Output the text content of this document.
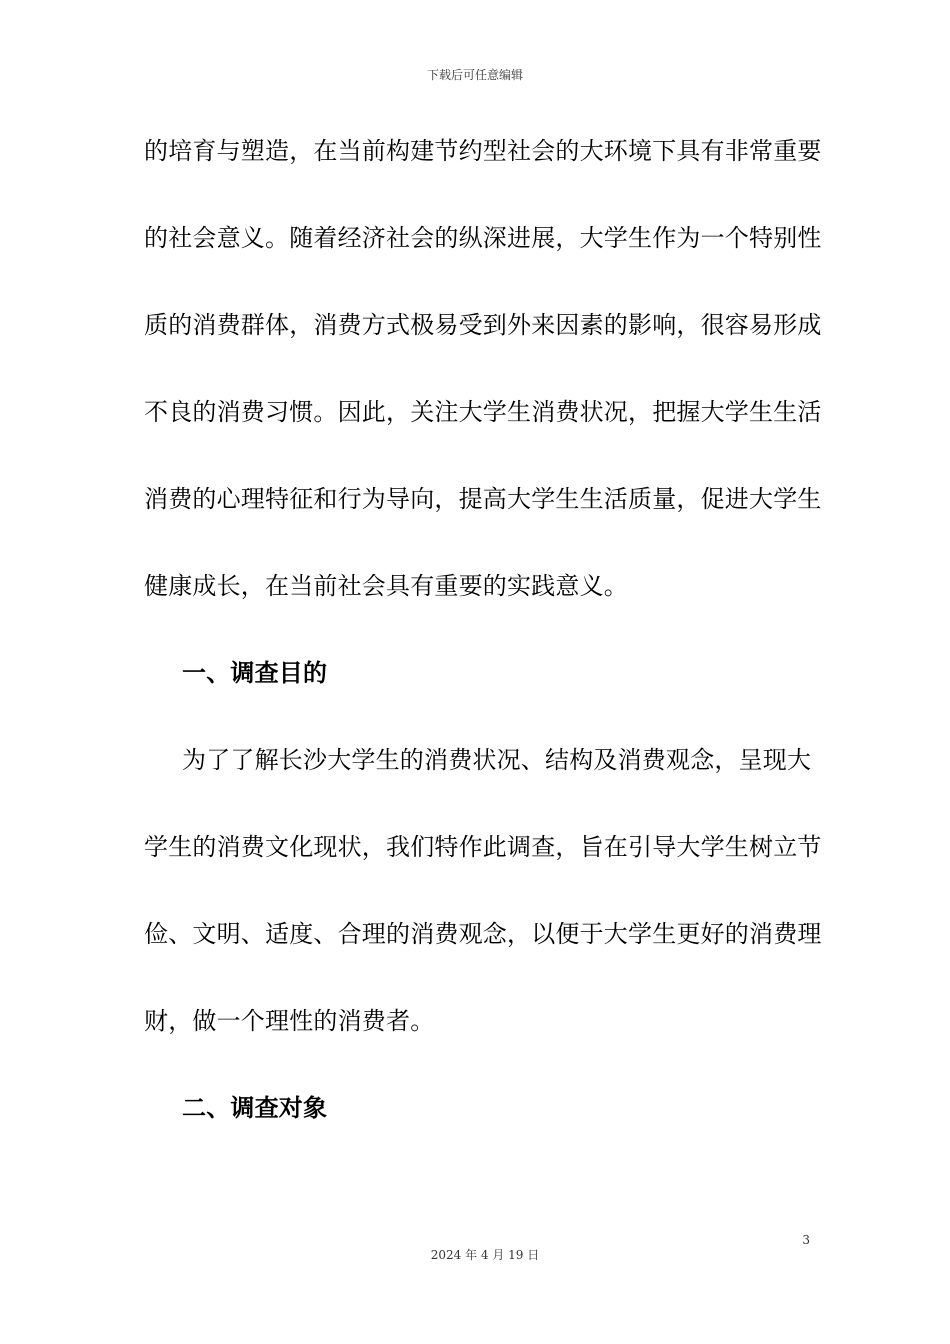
下载后可任意编辑
的培育与塑造，在当前构建节约型社会的大环境下具有非常重要
的社会意义。随着经济社会的纵深进展，大学生作为一个特别性
质的消费群体，消费方式极易受到外来因素的影响，很容易形成
不良的消费习惯。因此，关注大学生消费状况，把握大学生生活
消费的心理特征和行为导向，提高大学生生活质量，促进大学生
健康成长，在当前社会具有重要的实践意义。
一、调查目的
为了了解长沙大学生的消费状况、结构及消费观念，呈现大
学生的消费文化现状，我们特作此调查，旨在引导大学生树立节
俭、文明、适度、合理的消费观念，以便于大学生更好的消费理
财，做一个理性的消费者。
二、调查对象
3
2024 年 4 月 19 日
